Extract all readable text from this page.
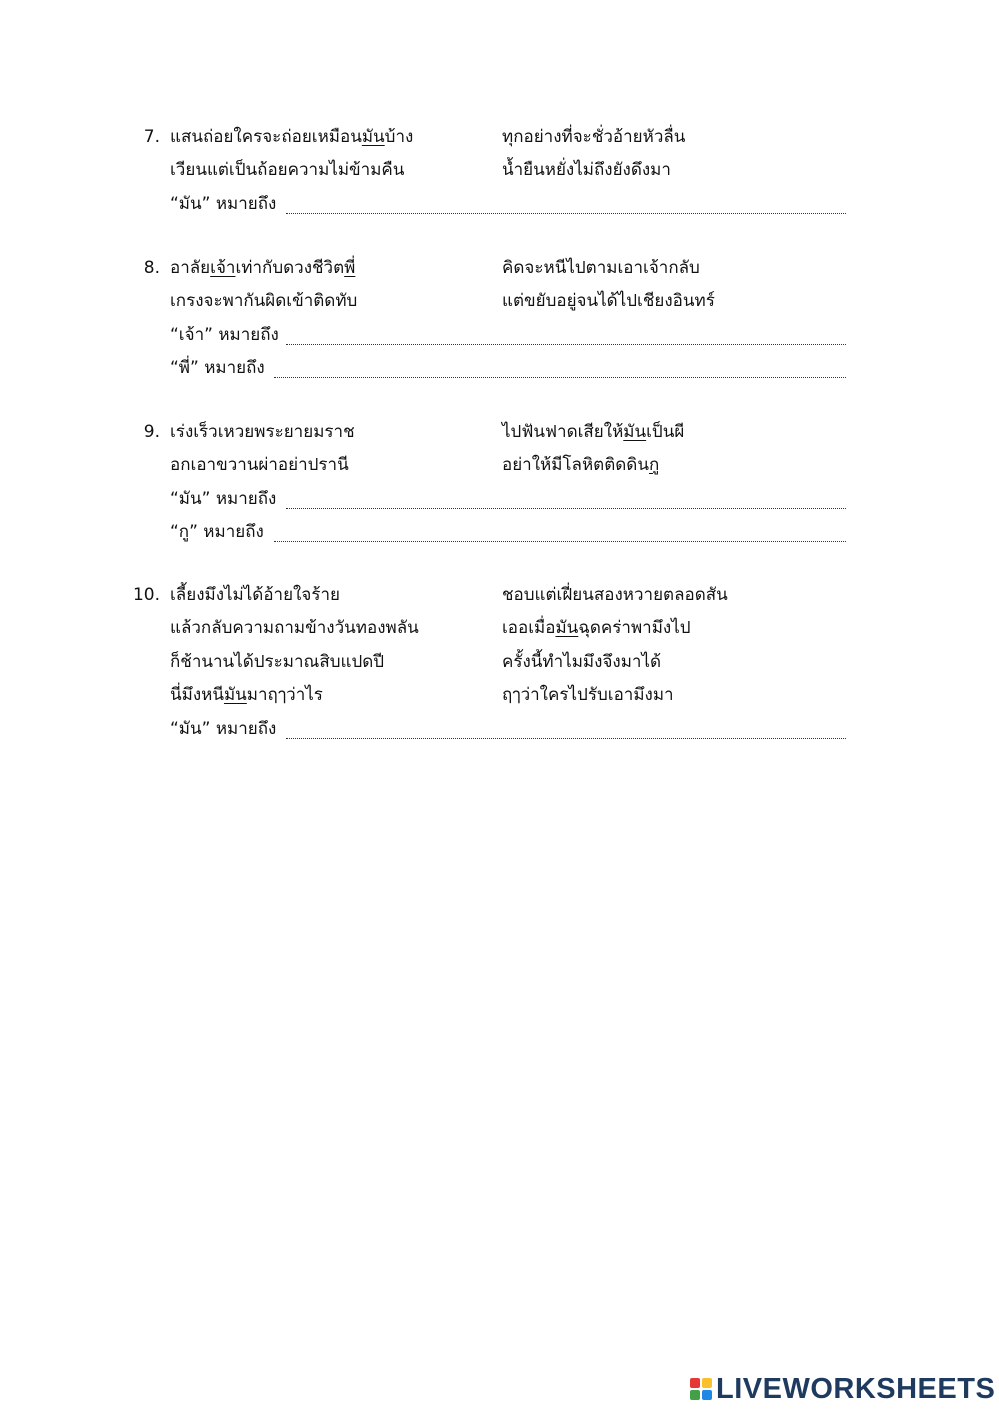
7. แสนถ่อยใครจะถ่อยเหมือนมันบ้าง
เวียนแต่เป็นถ้อยความไม่ข้ามคืน
ทุกอย่างที่จะชั่วอ้ายหัวลื่น
น้ำยืนหยั่งไม่ถึงยังดึงมา
“มัน” หมายถึง
8. อาลัยเจ้าเท่ากับดวงชีวิตพี่
เกรงจะพากันผิดเข้าติดทับ
คิดจะหนีไปตามเอาเจ้ากลับ
แต่ขยับอยู่จนได้ไปเชียงอินทร์
“เจ้า” หมายถึง
“พี่” หมายถึง
9. เร่งเร็วเหวยพระยายมราช
อกเอาขวานผ่าอย่าปรานี
ไปฟันฟาดเสียให้มันเป็นผี
อย่าให้มีโลหิตติดดินกู
“มัน” หมายถึง
“กู” หมายถึง
10. เลี้ยงมึงไม่ได้อ้ายใจร้าย
แล้วกลับความถามข้างวันทองพลัน
ก็ช้านานได้ประมาณสิบแปดปี
นี่มึงหนีมันมาฤๅว่าไร
ชอบแต่เฝี่ยนสองหวายตลอดสัน
เออเมื่อมันฉุดคร่าพามึงไป
ครั้งนี้ทำไมมึงจึงมาได้
ฤๅว่าใครไปรับเอามึงมา
“มัน” หมายถึง
LIVEWORKSHEETS
